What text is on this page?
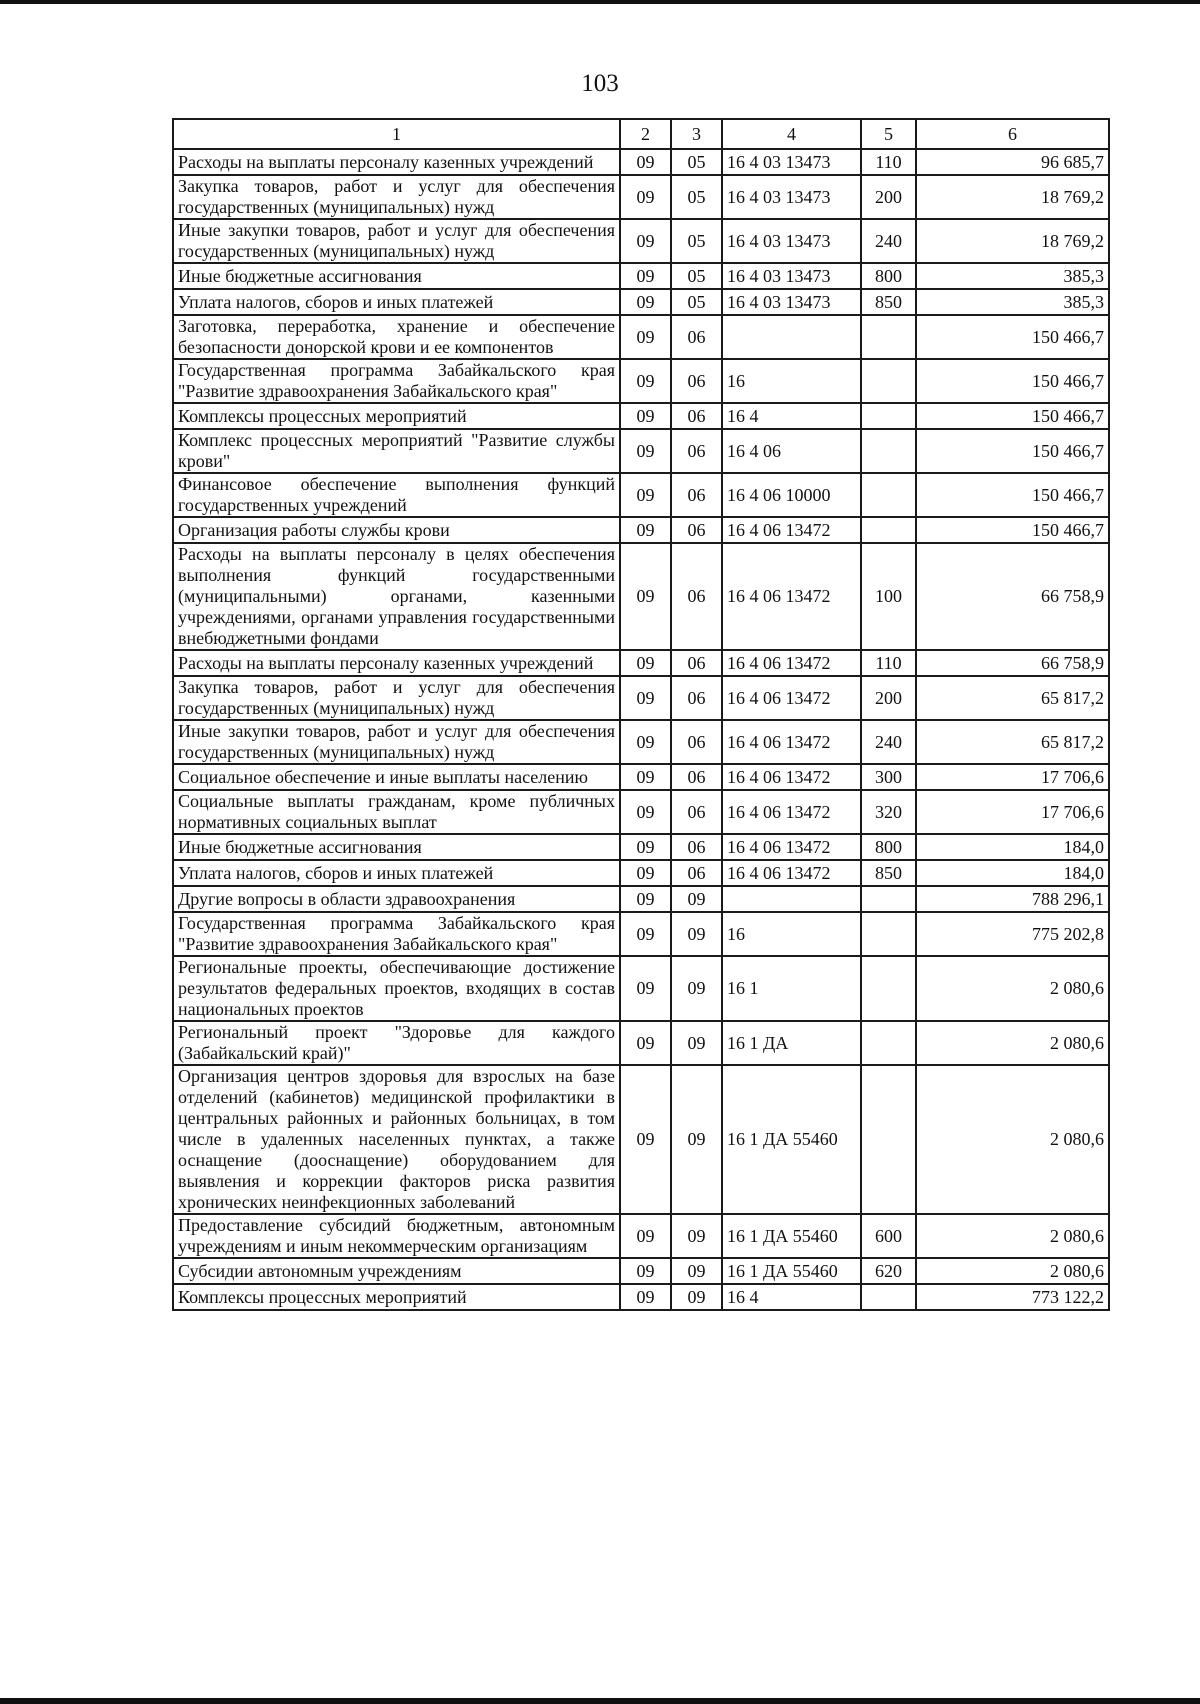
103
1	2	3	4	5	6
Расходы на выплаты персоналу казенных учреждений	09	05	16 4 03 13473	110	96 685,7
Закупка товаров, работ и услуг для обеспечения государственных (муниципальных) нужд	09	05	16 4 03 13473	200	18 769,2
Иные закупки товаров, работ и услуг для обеспечения государственных (муниципальных) нужд	09	05	16 4 03 13473	240	18 769,2
Иные бюджетные ассигнования	09	05	16 4 03 13473	800	385,3
Уплата налогов, сборов и иных платежей	09	05	16 4 03 13473	850	385,3
Заготовка, переработка, хранение и обеспечение безопасности донорской крови и ее компонентов	09	06			150 466,7
Государственная программа Забайкальского края "Развитие здравоохранения Забайкальского края"	09	06	16		150 466,7
Комплексы процессных мероприятий	09	06	16 4		150 466,7
Комплекс процессных мероприятий "Развитие службы крови"	09	06	16 4 06		150 466,7
Финансовое обеспечение выполнения функций государственных учреждений	09	06	16 4 06 10000		150 466,7
Организация работы службы крови	09	06	16 4 06 13472		150 466,7
Расходы на выплаты персоналу в целях обеспечения выполнения функций государственными (муниципальными) органами, казенными учреждениями, органами управления государственными внебюджетными фондами	09	06	16 4 06 13472	100	66 758,9
Расходы на выплаты персоналу казенных учреждений	09	06	16 4 06 13472	110	66 758,9
Закупка товаров, работ и услуг для обеспечения государственных (муниципальных) нужд	09	06	16 4 06 13472	200	65 817,2
Иные закупки товаров, работ и услуг для обеспечения государственных (муниципальных) нужд	09	06	16 4 06 13472	240	65 817,2
Социальное обеспечение и иные выплаты населению	09	06	16 4 06 13472	300	17 706,6
Социальные выплаты гражданам, кроме публичных нормативных социальных выплат	09	06	16 4 06 13472	320	17 706,6
Иные бюджетные ассигнования	09	06	16 4 06 13472	800	184,0
Уплата налогов, сборов и иных платежей	09	06	16 4 06 13472	850	184,0
Другие вопросы в области здравоохранения	09	09			788 296,1
Государственная программа Забайкальского края "Развитие здравоохранения Забайкальского края"	09	09	16		775 202,8
Региональные проекты, обеспечивающие достижение результатов федеральных проектов, входящих в состав национальных проектов	09	09	16 1		2 080,6
Региональный проект "Здоровье для каждого (Забайкальский край)"	09	09	16 1 ДА		2 080,6
Организация центров здоровья для взрослых на базе отделений (кабинетов) медицинской профилактики в центральных районных и районных больницах, в том числе в удаленных населенных пунктах, а также оснащение (дооснащение) оборудованием для выявления и коррекции факторов риска развития хронических неинфекционных заболеваний	09	09	16 1 ДА 55460		2 080,6
Предоставление субсидий бюджетным, автономным учреждениям и иным некоммерческим организациям	09	09	16 1 ДА 55460	600	2 080,6
Субсидии автономным учреждениям	09	09	16 1 ДА 55460	620	2 080,6
Комплексы процессных мероприятий	09	09	16 4		773 122,2
